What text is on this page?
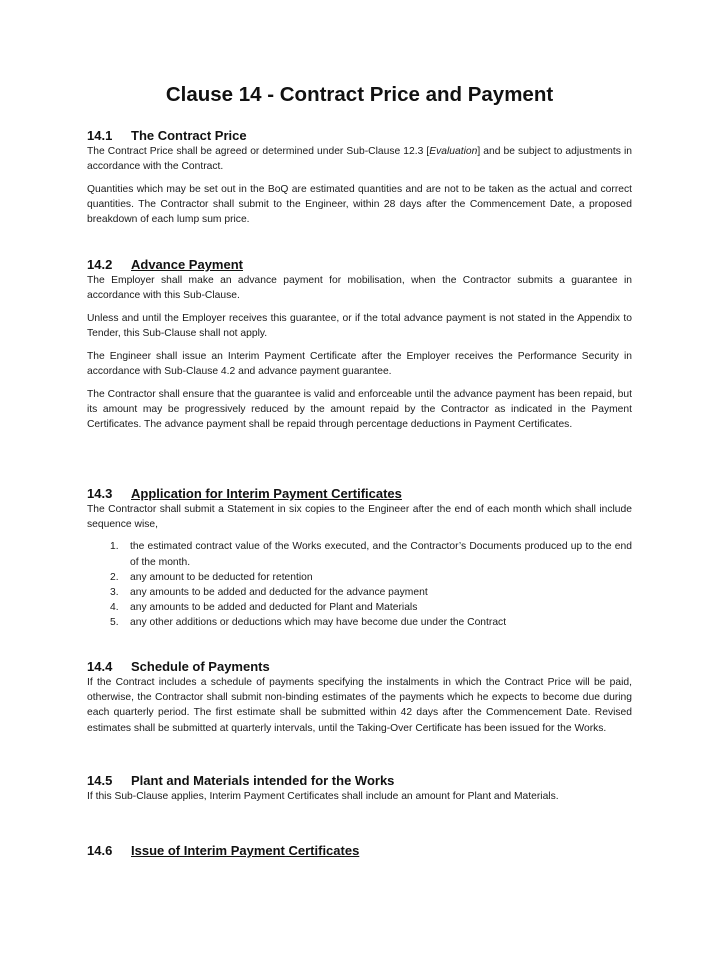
Clause 14 - Contract Price and Payment
14.1 The Contract Price

The Contract Price shall be agreed or determined under Sub-Clause 12.3 [Evaluation] and be subject to adjustments in accordance with the Contract.

Quantities which may be set out in the BoQ are estimated quantities and are not to be taken as the actual and correct quantities. The Contractor shall submit to the Engineer, within 28 days after the Commencement Date, a proposed breakdown of each lump sum price.

14.2 Advance Payment

The Employer shall make an advance payment for mobilisation, when the Contractor submits a guarantee in accordance with this Sub-Clause.

Unless and until the Employer receives this guarantee, or if the total advance payment is not stated in the Appendix to Tender, this Sub-Clause shall not apply.

The Engineer shall issue an Interim Payment Certificate after the Employer receives the Performance Security in accordance with Sub-Clause 4.2 and advance payment guarantee.

The Contractor shall ensure that the guarantee is valid and enforceable until the advance payment has been repaid, but its amount may be progressively reduced by the amount repaid by the Contractor as indicated in the Payment Certificates. The advance payment shall be repaid through percentage deductions in Payment Certificates.

14.3 Application for Interim Payment Certificates

The Contractor shall submit a Statement in six copies to the Engineer after the end of each month which shall include sequence wise,

1. the estimated contract value of the Works executed, and the Contractor’s Documents produced up to the end of the month.
2. any amount to be deducted for retention
3. any amounts to be added and deducted for the advance payment
4. any amounts to be added and deducted for Plant and Materials
5. any other additions or deductions which may have become due under the Contract
14.4 Schedule of Payments

If the Contract includes a schedule of payments specifying the instalments in which the Contract Price will be paid, otherwise, the Contractor shall submit non-binding estimates of the payments which he expects to become due during each quarterly period. The first estimate shall be submitted within 42 days after the Commencement Date. Revised estimates shall be submitted at quarterly intervals, until the Taking-Over Certificate has been issued for the Works.

14.5 Plant and Materials intended for the Works

If this Sub-Clause applies, Interim Payment Certificates shall include an amount for Plant and Materials.

14.6 Issue of Interim Payment Certificates
